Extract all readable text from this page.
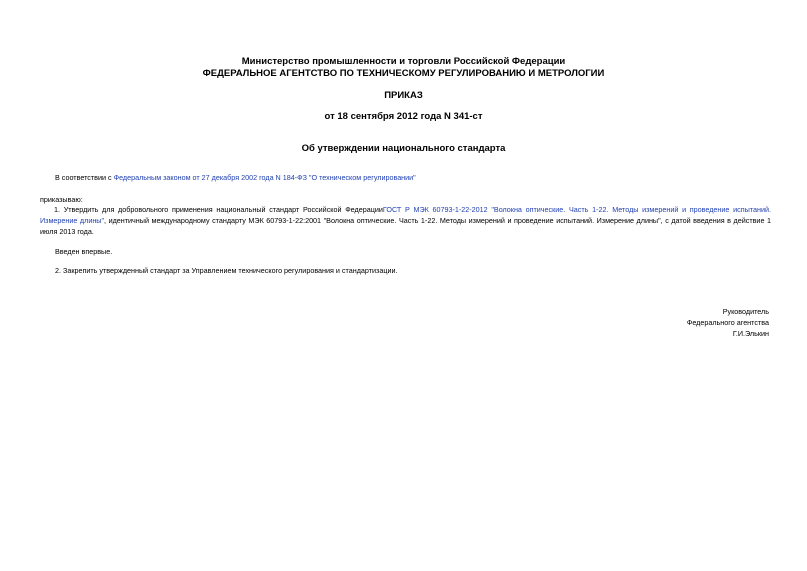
Министерство промышленности и торговли Российской Федерации
ФЕДЕРАЛЬНОЕ АГЕНТСТВО ПО ТЕХНИЧЕСКОМУ РЕГУЛИРОВАНИЮ И МЕТРОЛОГИИ
ПРИКАЗ
от 18 сентября 2012 года N 341-ст
Об утверждении национального стандарта
В соответствии с Федеральным законом от 27 декабря 2002 года N 184-ФЗ "О техническом регулировании"
приказываю:
1. Утвердить для добровольного применения национальный стандарт Российской ФедерацииГОСТ Р МЭК 60793-1-22-2012 "Волокна оптические. Часть 1-22. Методы измерений и проведение испытаний. Измерение длины", идентичный международному стандарту МЭК 60793-1-22:2001 "Волокна оптические. Часть 1-22. Методы измерений и проведение испытаний. Измерение длины", с датой введения в действие 1 июля 2013 года.
Введен впервые.
2. Закрепить утвержденный стандарт за Управлением технического регулирования и стандартизации.
Руководитель
Федерального агентства
Г.И.Элькин
